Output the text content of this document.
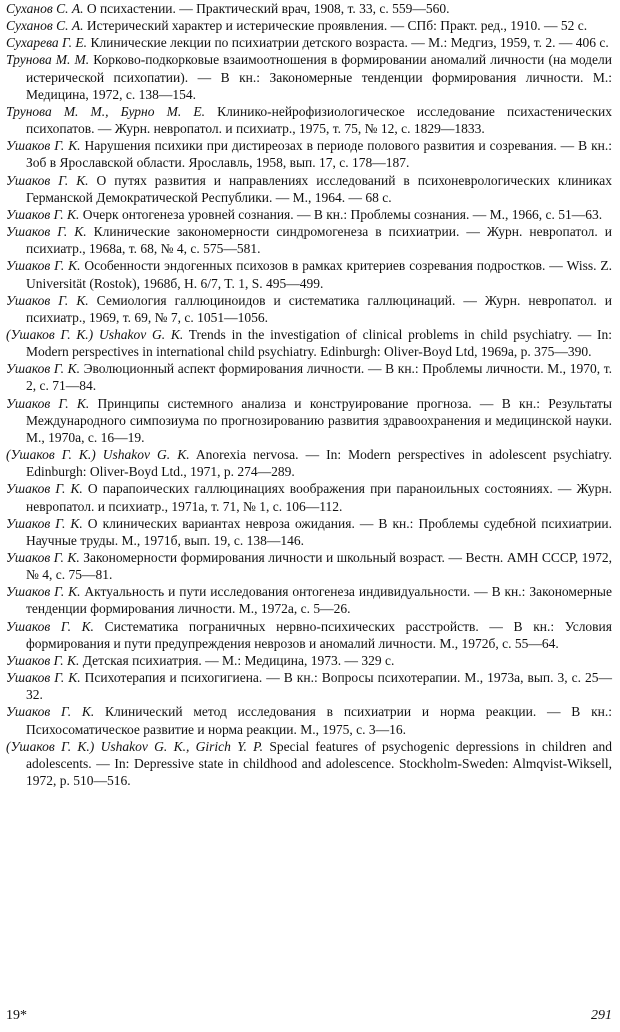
Суханов С. А. О психастении. — Практический врач, 1908, т. 33, с. 559—560.
Суханов С. А. Истерический характер и истерические проявления. — СПб: Практ. ред., 1910. — 52 с.
Сухарева Г. Е. Клинические лекции по психиатрии детского возраста. — М.: Медгиз, 1959, т. 2. — 406 с.
Трунова М. М. Корково-подкорковые взаимоотношения в формировании аномалий личности (на модели истерической психопатии). — В кн.: Закономерные тенденции формирования личности. М.: Медицина, 1972, с. 138—154.
Трунова М. М., Бурно М. Е. Клинико-нейрофизиологическое исследование психастенических психопатов. — Журн. невропатол. и психиатр., 1975, т. 75, № 12, с. 1829—1833.
Ушаков Г. К. Нарушения психики при дистиреозах в периоде полового развития и созревания. — В кн.: Зоб в Ярославской области. Ярославль, 1958, вып. 17, с. 178—187.
Ушаков Г. К. О путях развития и направлениях исследований в психоневрологических клиниках Германской Демократической Республики. — М., 1964. — 68 с.
Ушаков Г. К. Очерк онтогенеза уровней сознания. — В кн.: Проблемы сознания. — М., 1966, с. 51—63.
Ушаков Г. К. Клинические закономерности синдромогенеза в психиатрии. — Журн. невропатол. и психиатр., 1968а, т. 68, № 4, с. 575—581.
Ушаков Г. К. Особенности эндогенных психозов в рамках критериев созревания подростков. — Wiss. Z. Universität (Rostok), 1968б, H. 6/7, T. 1, S. 495—499.
Ушаков Г. К. Семиология галлюциноидов и систематика галлюцинаций. — Журн. невропатол. и психиатр., 1969, т. 69, № 7, с. 1051—1056.
(Ушаков Г. К.) Ushakov G. K. Trends in the investigation of clinical problems in child psychiatry. — In: Modern perspectives in international child psychiatry. Edinburgh: Oliver-Boyd Ltd, 1969а, p. 375—390.
Ушаков Г. К. Эволюционный аспект формирования личности. — В кн.: Проблемы личности. М., 1970, т. 2, с. 71—84.
Ушаков Г. К. Принципы системного анализа и конструирование прогноза. — В кн.: Результаты Международного симпозиума по прогнозированию развития здравоохранения и медицинской науки. М., 1970а, с. 16—19.
(Ушаков Г. К.) Ushakov G. K. Anorexia nervosa. — In: Modern perspectives in adolescent psychiatry. Edinburgh: Oliver-Boyd Ltd., 1971, p. 274—289.
Ушаков Г. К. О парапоических галлюцинациях воображения при параноильных состояниях. — Журн. невропатол. и психиатр., 1971а, т. 71, № 1, с. 106—112.
Ушаков Г. К. О клинических вариантах невроза ожидания. — В кн.: Проблемы судебной психиатрии. Научные труды. М., 1971б, вып. 19, с. 138—146.
Ушаков Г. К. Закономерности формирования личности и школьный возраст. — Вестн. АМН СССР, 1972, № 4, с. 75—81.
Ушаков Г. К. Актуальность и пути исследования онтогенеза индивидуальности. — В кн.: Закономерные тенденции формирования личности. М., 1972а, с. 5—26.
Ушаков Г. К. Систематика пограничных нервно-психических расстройств. — В кн.: Условия формирования и пути предупреждения неврозов и аномалий личности. М., 1972б, с. 55—64.
Ушаков Г. К. Детская психиатрия. — М.: Медицина, 1973. — 329 с.
Ушаков Г. К. Психотерапия и психогигиена. — В кн.: Вопросы психотерапии. М., 1973а, вып. 3, с. 25—32.
Ушаков Г. К. Клинический метод исследования в психиатрии и норма реакции. — В кн.: Психосоматическое развитие и норма реакции. М., 1975, с. 3—16.
(Ушаков Г. К.) Ushakov G. K., Girich Y. P. Special features of psychogenic depressions in children and adolescents. — In: Depressive state in childhood and adolescence. Stockholm-Sweden: Almqvist-Wiksell, 1972, p. 510—516.
19*	291
